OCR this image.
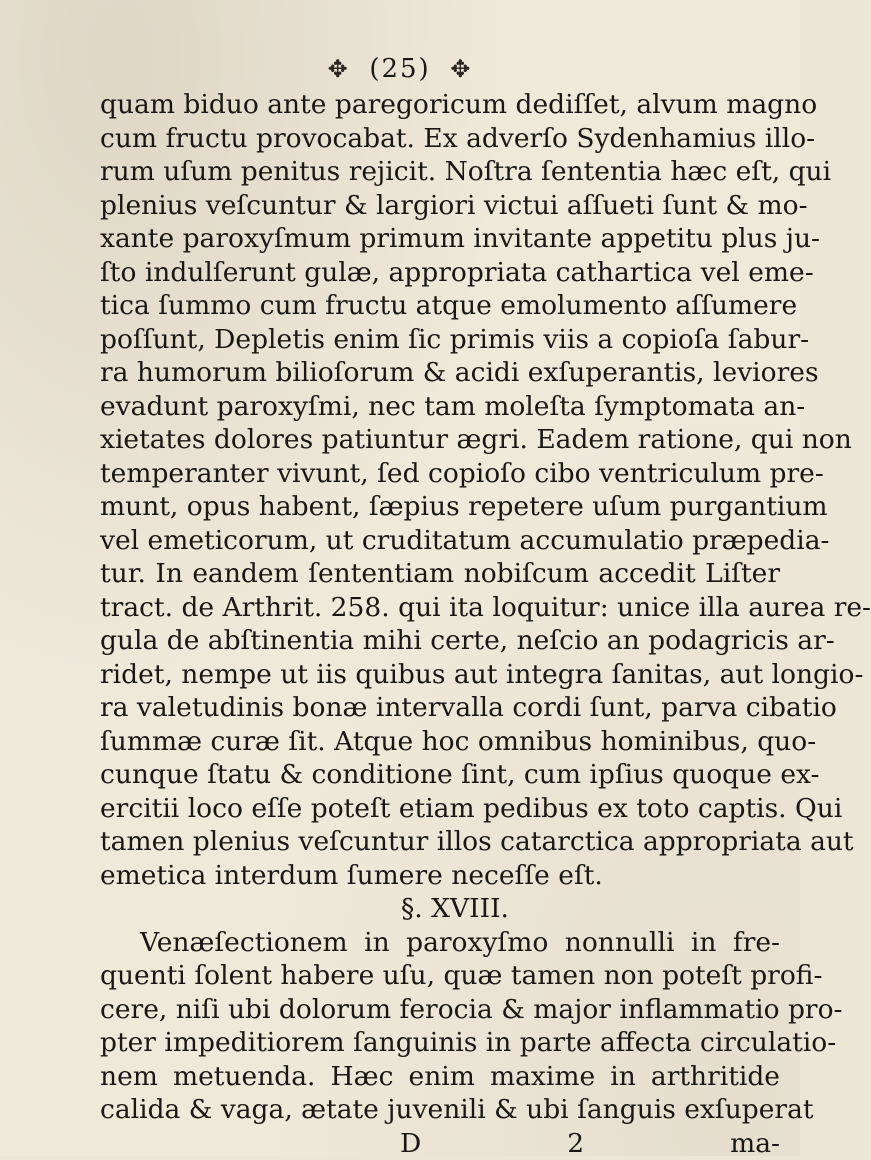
✥ (25) ✥
quam biduo ante paregoricum dediſſet, alvum magno
cum fructu provocabat. Ex adverſo Sydenhamius illo-
rum uſum penitus rejicit. Noſtra ſententia hæc eſt, qui
plenius veſcuntur & largiori victui aſſueti ſunt & mo-
xante paroxyſmum primum invitante appetitu plus ju-
ſto indulſerunt gulæ, appropriata cathartica vel eme-
tica ſummo cum fructu atque emolumento aſſumere
poſſunt, Depletis enim ſic primis viis a copioſa ſabur-
ra humorum bilioſorum & acidi exſuperantis, leviores
evadunt paroxyſmi, nec tam moleſta ſymptomata an-
xietates dolores patiuntur ægri. Eadem ratione, qui non
temperanter vivunt, ſed copioſo cibo ventriculum pre-
munt, opus habent, ſæpius repetere uſum purgantium
vel emeticorum, ut cruditatum accumulatio præpedia-
tur. In eandem ſententiam nobiſcum accedit Liſter
tract. de Arthrit. 258. qui ita loquitur: unice illa aurea re-
gula de abſtinentia mihi certe, neſcio an podagricis ar-
ridet, nempe ut iis quibus aut integra ſanitas, aut longio-
ra valetudinis bonæ intervalla cordi ſunt, parva cibatio
ſummæ curæ ſit. Atque hoc omnibus hominibus, quo-
cunque ſtatu & conditione ſint, cum ipſius quoque ex-
ercitii loco eſſe poteſt etiam pedibus ex toto captis. Qui
tamen plenius veſcuntur illos catarctica appropriata aut
emetica interdum ſumere neceſſe eſt.
§. XVIII.
Venæſectionem in paroxyſmo nonnulli in fre-
quenti ſolent habere uſu, quæ tamen non poteſt profi-
cere, niſi ubi dolorum ferocia & major inflammatio pro-
pter impeditiorem ſanguinis in parte affecta circulatio-
nem metuenda. Hæc enim maxime in arthritide
calida & vaga, ætate juvenili & ubi ſanguis exſuperat
D 2	ma-
